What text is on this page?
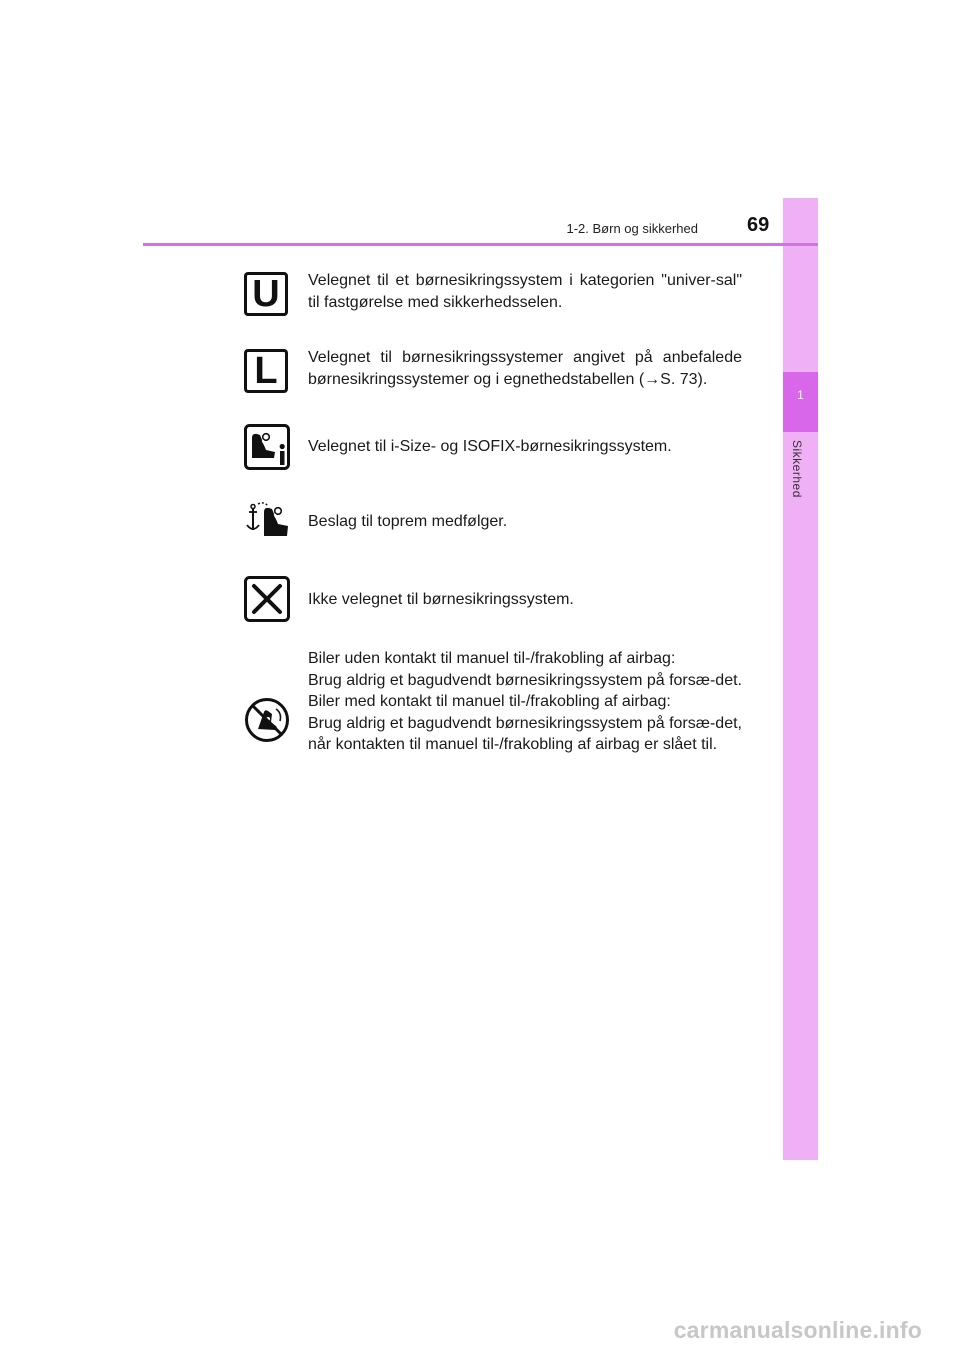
1
Sikkerhed
1-2. Børn og sikkerhed 69
U	Velegnet til et børnesikringssystem i kategorien "univer-sal" til fastgørelse med sikkerhedsselen.

L	Velegnet til børnesikringssystemer angivet på anbefalede børnesikringssystemer og i egnethedstabellen (→S. 73).

Velegnet til i-Size- og ISOFIX-børnesikringssystem.

Beslag til toprem medfølger.

Ikke velegnet til børnesikringssystem.

Biler uden kontakt til manuel til-/frakobling af airbag:

Brug aldrig et bagudvendt børnesikringssystem på forsæ-det.

Biler med kontakt til manuel til-/frakobling af airbag:

Brug aldrig et bagudvendt børnesikringssystem på forsæ-det, når kontakten til manuel til-/frakobling af airbag er slået til.

carmanualsonline.info
